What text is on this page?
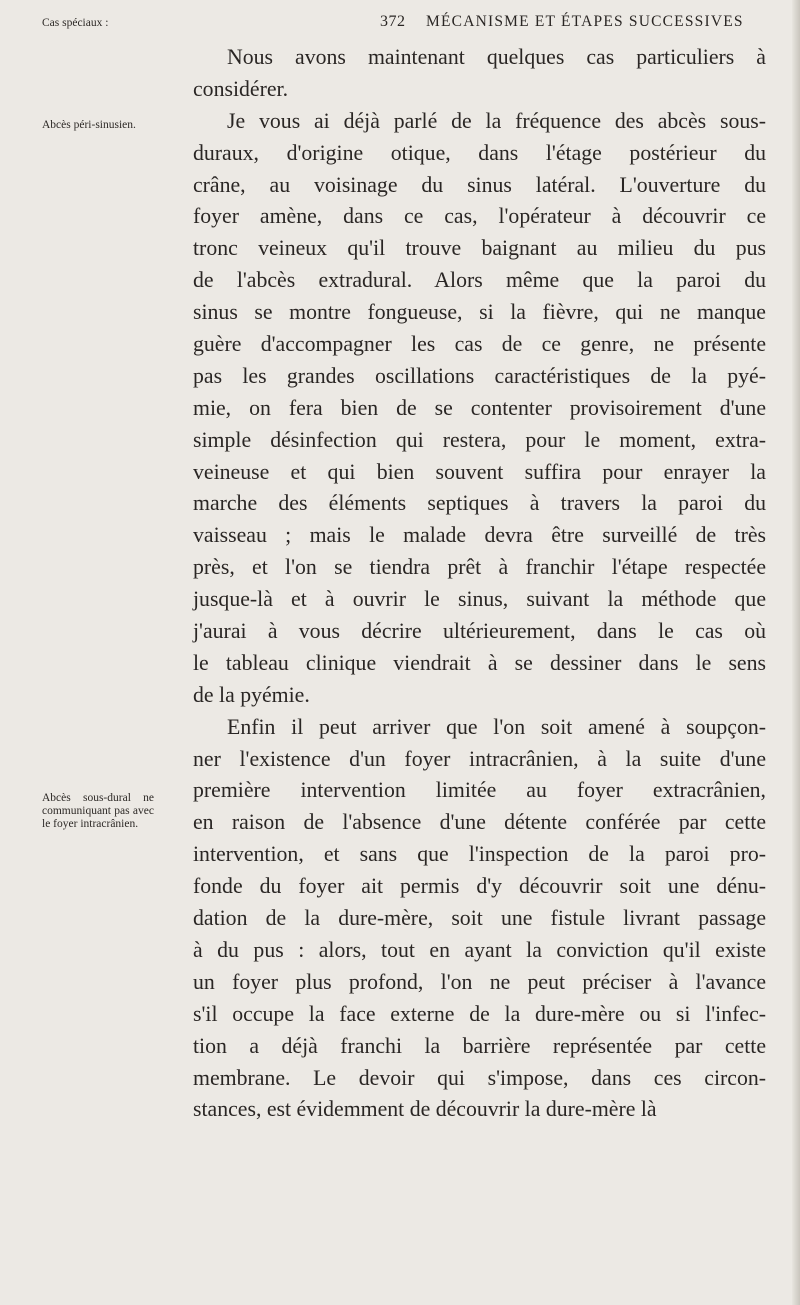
372 MÉCANISME ET ÉTAPES SUCCESSIVES
Cas spéciaux :
Abcès péri-sinusien.
Abcès sous-dural ne communiquant pas avec le foyer intracrânien.
Nous avons maintenant quelques cas particuliers à
considérer.
Je vous ai déjà parlé de la fréquence des abcès sous-
duraux, d'origine otique, dans l'étage postérieur du
crâne, au voisinage du sinus latéral. L'ouverture du
foyer amène, dans ce cas, l'opérateur à découvrir ce
tronc veineux qu'il trouve baignant au milieu du pus
de l'abcès extradural. Alors même que la paroi du
sinus se montre fongueuse, si la fièvre, qui ne manque
guère d'accompagner les cas de ce genre, ne présente
pas les grandes oscillations caractéristiques de la pyé-
mie, on fera bien de se contenter provisoirement d'une
simple désinfection qui restera, pour le moment, extra-
veineuse et qui bien souvent suffira pour enrayer la
marche des éléments septiques à travers la paroi du
vaisseau ; mais le malade devra être surveillé de très
près, et l'on se tiendra prêt à franchir l'étape respectée
jusque-là et à ouvrir le sinus, suivant la méthode que
j'aurai à vous décrire ultérieurement, dans le cas où
le tableau clinique viendrait à se dessiner dans le sens
de la pyémie.
Enfin il peut arriver que l'on soit amené à soupçon-
ner l'existence d'un foyer intracrânien, à la suite d'une
première intervention limitée au foyer extracrânien,
en raison de l'absence d'une détente conférée par cette
intervention, et sans que l'inspection de la paroi pro-
fonde du foyer ait permis d'y découvrir soit une dénu-
dation de la dure-mère, soit une fistule livrant passage
à du pus : alors, tout en ayant la conviction qu'il existe
un foyer plus profond, l'on ne peut préciser à l'avance
s'il occupe la face externe de la dure-mère ou si l'infec-
tion a déjà franchi la barrière représentée par cette
membrane. Le devoir qui s'impose, dans ces circon-
stances, est évidemment de découvrir la dure-mère là
